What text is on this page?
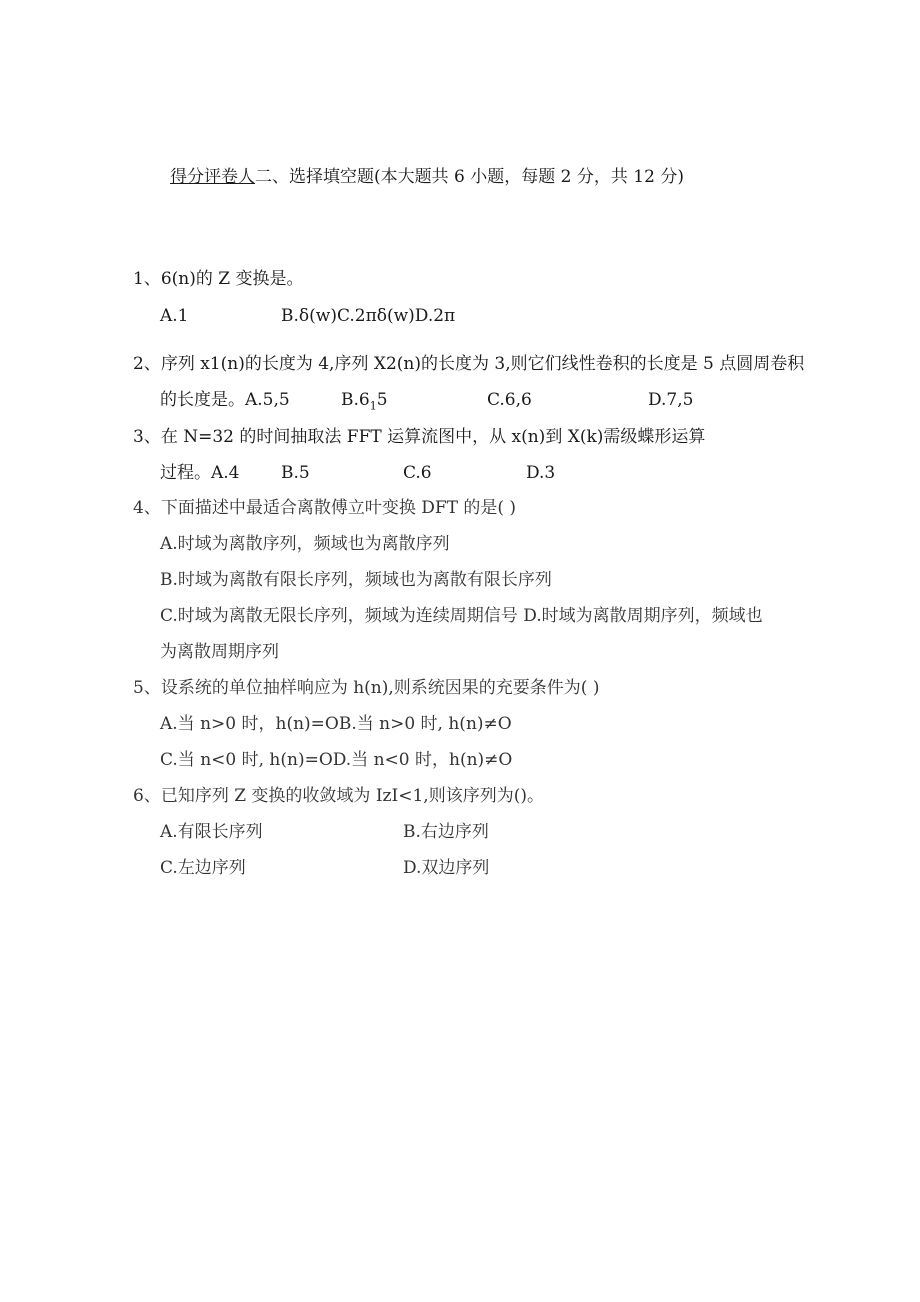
得分评卷人二、选择填空题(本大题共 6 小题，每题 2 分，共 12 分)
1、6(n)的 Z 变换是。
A.1	B.δ(w)C.2πδ(w)D.2π
2、序列 x1(n)的长度为 4,序列 X2(n)的长度为 3,则它们线性卷积的长度是 5 点圆周卷积
的长度是。A.5,5	$B.6_15$	C.6,6	D.7,5
3、在 N=32 的时间抽取法 FFT 运算流图中，从 x(n)到 X(k)需级蝶形运算
过程。A.4 B.5	C.6	D.3
4、下面描述中最适合离散傅立叶变换 DFT 的是( )
A.时域为离散序列，频域也为离散序列
B.时域为离散有限长序列，频域也为离散有限长序列
C.时域为离散无限长序列，频域为连续周期信号 D.时域为离散周期序列，频域也
为离散周期序列
5、设系统的单位抽样响应为 h(n),则系统因果的充要条件为( )
A.当 n>0 时，h(n)=OB.当 n>0 时, h(n)≠O
C.当 n<0 时, h(n)=OD.当 n<0 时，h(n)≠O
6、已知序列 Z 变换的收敛域为 IzI<1,则该序列为()。
A.有限长序列	B.右边序列
C.左边序列	D.双边序列
